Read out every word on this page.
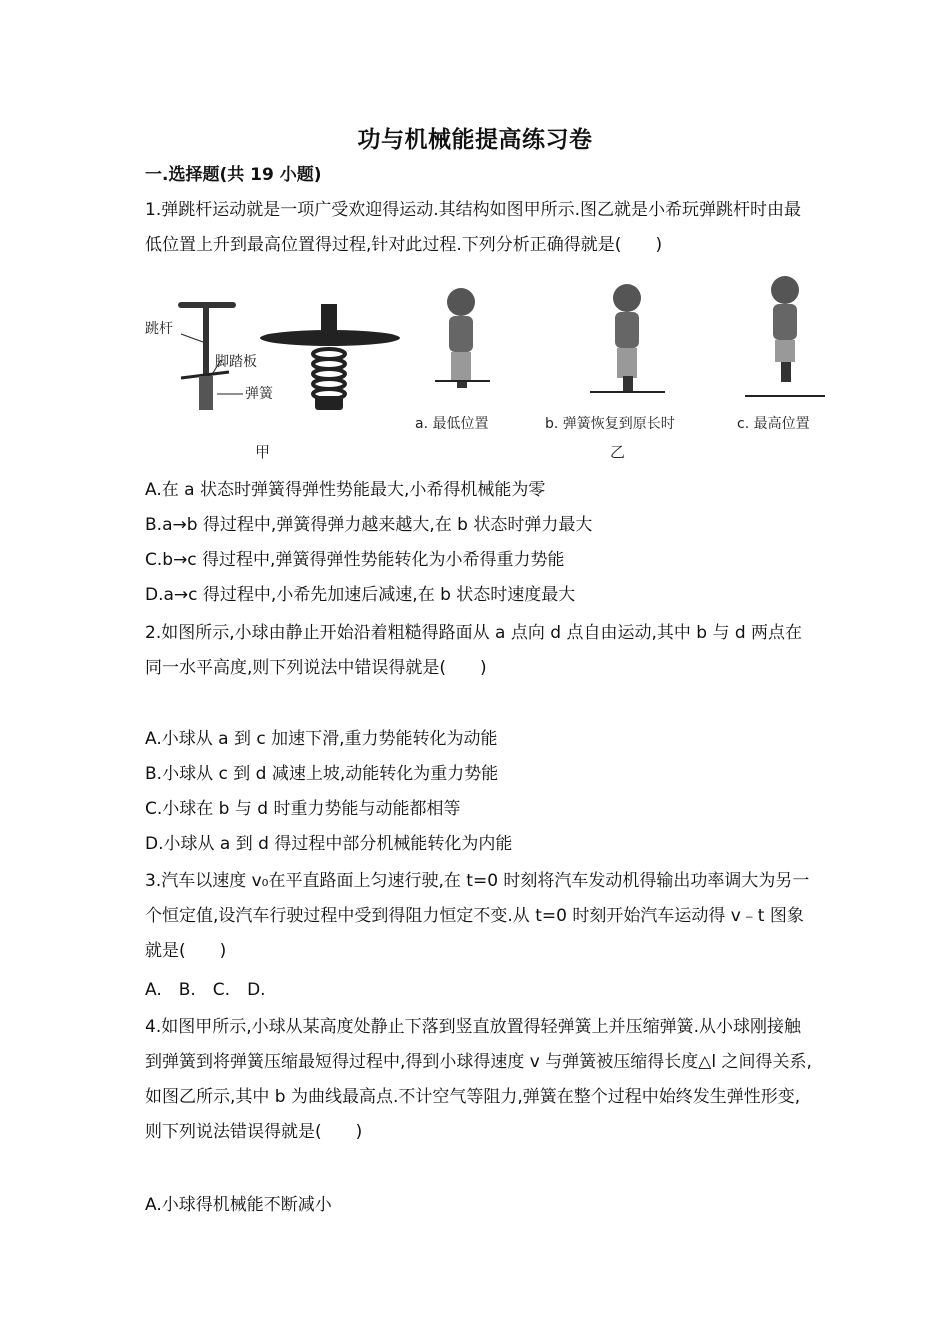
功与机械能提高练习卷
一.选择题(共 19 小题)

1.弹跳杆运动就是一项广受欢迎得运动.其结构如图甲所示.图乙就是小希玩弹跳杆时由最低位置上升到最高位置得过程,针对此过程.下列分析正确得就是(　　)

跳杆
脚踏板
弹簧
甲
a. 最低位置	b. 弹簧恢复到原长时	c. 最高位置
乙
A.在 a 状态时弹簧得弹性势能最大,小希得机械能为零
B.a→b 得过程中,弹簧得弹力越来越大,在 b 状态时弹力最大
C.b→c 得过程中,弹簧得弹性势能转化为小希得重力势能
D.a→c 得过程中,小希先加速后减速,在 b 状态时速度最大

2.如图所示,小球由静止开始沿着粗糙得路面从 a 点向 d 点自由运动,其中 b 与 d 两点在同一水平高度,则下列说法中错误得就是(　　)

A.小球从 a 到 c 加速下滑,重力势能转化为动能
B.小球从 c 到 d 减速上坡,动能转化为重力势能
C.小球在 b 与 d 时重力势能与动能都相等
D.小球从 a 到 d 得过程中部分机械能转化为内能

3.汽车以速度 v₀在平直路面上匀速行驶,在 t=0 时刻将汽车发动机得输出功率调大为另一个恒定值,设汽车行驶过程中受到得阻力恒定不变.从 t=0 时刻开始汽车运动得 v﹣t 图象就是(　　)

A.　B.　C.　D.

4.如图甲所示,小球从某高度处静止下落到竖直放置得轻弹簧上并压缩弹簧.从小球刚接触到弹簧到将弹簧压缩最短得过程中,得到小球得速度 v 与弹簧被压缩得长度△l 之间得关系,如图乙所示,其中 b 为曲线最高点.不计空气等阻力,弹簧在整个过程中始终发生弹性形变,则下列说法错误得就是(　　)

A.小球得机械能不断减小
